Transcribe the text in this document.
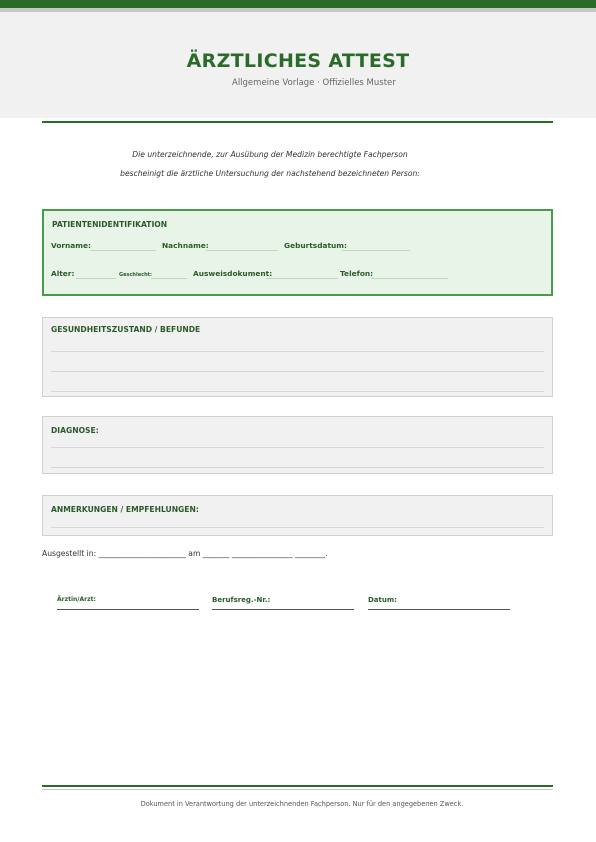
ÄRZTLICHES ATTEST
Allgemeine Vorlage · Offizielles Muster
Die unterzeichnende, zur Ausübung der Medizin berechtigte Fachperson
bescheinigt die ärztliche Untersuchung der nachstehend bezeichneten Person:
PATIENTENIDENTIFIKATION
Vorname:	Nachname:	Geburtsdatum:
Alter:	Geschlecht:	Ausweisdokument:	Telefon:
GESUNDHEITSZUSTAND / BEFUNDE
DIAGNOSE:
ANMERKUNGEN / EMPFEHLUNGEN:
Ausgestellt in: _______________________ am _______ ________________ ________.
Ärztin/Arzt:	Berufsreg.-Nr.:	Datum:
Dokument in Verantwortung der unterzeichnenden Fachperson. Nur für den angegebenen Zweck.
